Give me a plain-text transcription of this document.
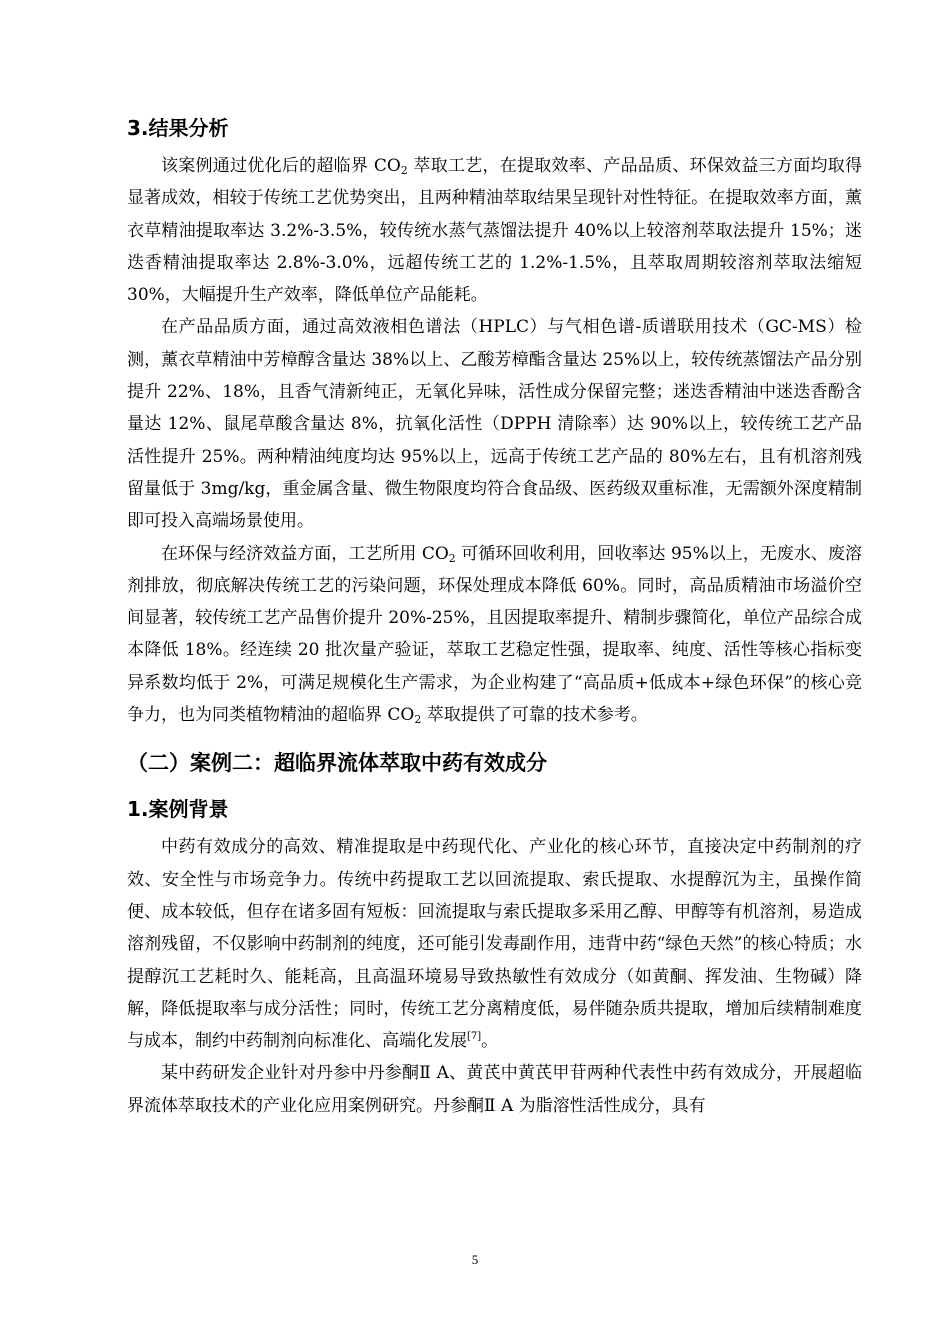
3.结果分析

该案例通过优化后的超临界 $CO_2$ 萃取工艺，在提取效率、产品品质、环保效益三方面均取得显著成效，相较于传统工艺优势突出，且两种精油萃取结果呈现针对性特征。在提取效率方面，薰衣草精油提取率达 3.2%-3.5%，较传统水蒸气蒸馏法提升 40%以上较溶剂萃取法提升 15%；迷迭香精油提取率达 2.8%-3.0%，远超传统工艺的 1.2%-1.5%，且萃取周期较溶剂萃取法缩短 30%，大幅提升生产效率，降低单位产品能耗。

在产品品质方面，通过高效液相色谱法（HPLC）与气相色谱-质谱联用技术（GC-MS）检测，薰衣草精油中芳樟醇含量达 38%以上、乙酸芳樟酯含量达 25%以上，较传统蒸馏法产品分别提升 22%、18%，且香气清新纯正，无氧化异味，活性成分保留完整；迷迭香精油中迷迭香酚含量达 12%、鼠尾草酸含量达 8%，抗氧化活性（DPPH 清除率）达 90%以上，较传统工艺产品活性提升 25%。两种精油纯度均达 95%以上，远高于传统工艺产品的 80%左右，且有机溶剂残留量低于 3mg/kg，重金属含量、微生物限度均符合食品级、医药级双重标准，无需额外深度精制即可投入高端场景使用。

在环保与经济效益方面，工艺所用 $CO_2$ 可循环回收利用，回收率达 95%以上，无废水、废溶剂排放，彻底解决传统工艺的污染问题，环保处理成本降低 60%。同时，高品质精油市场溢价空间显著，较传统工艺产品售价提升 20%-25%，且因提取率提升、精制步骤简化，单位产品综合成本降低 18%。经连续 20 批次量产验证，萃取工艺稳定性强，提取率、纯度、活性等核心指标变异系数均低于 2%，可满足规模化生产需求，为企业构建了“高品质+低成本+绿色环保”的核心竞争力，也为同类植物精油的超临界 $CO_2$ 萃取提供了可靠的技术参考。

（二）案例二：超临界流体萃取中药有效成分
1.案例背景

中药有效成分的高效、精准提取是中药现代化、产业化的核心环节，直接决定中药制剂的疗效、安全性与市场竞争力。传统中药提取工艺以回流提取、索氏提取、水提醇沉为主，虽操作简便、成本较低，但存在诸多固有短板：回流提取与索氏提取多采用乙醇、甲醇等有机溶剂，易造成溶剂残留，不仅影响中药制剂的纯度，还可能引发毒副作用，违背中药“绿色天然”的核心特质；水提醇沉工艺耗时久、能耗高，且高温环境易导致热敏性有效成分（如黄酮、挥发油、生物碱）降解，降低提取率与成分活性；同时，传统工艺分离精度低，易伴随杂质共提取，增加后续精制难度与成本，制约中药制剂向标准化、高端化发展[7]。

某中药研发企业针对丹参中丹参酮Ⅱ A、黄芪中黄芪甲苷两种代表性中药有效成分，开展超临界流体萃取技术的产业化应用案例研究。丹参酮Ⅱ A 为脂溶性活性成分，具有

5
